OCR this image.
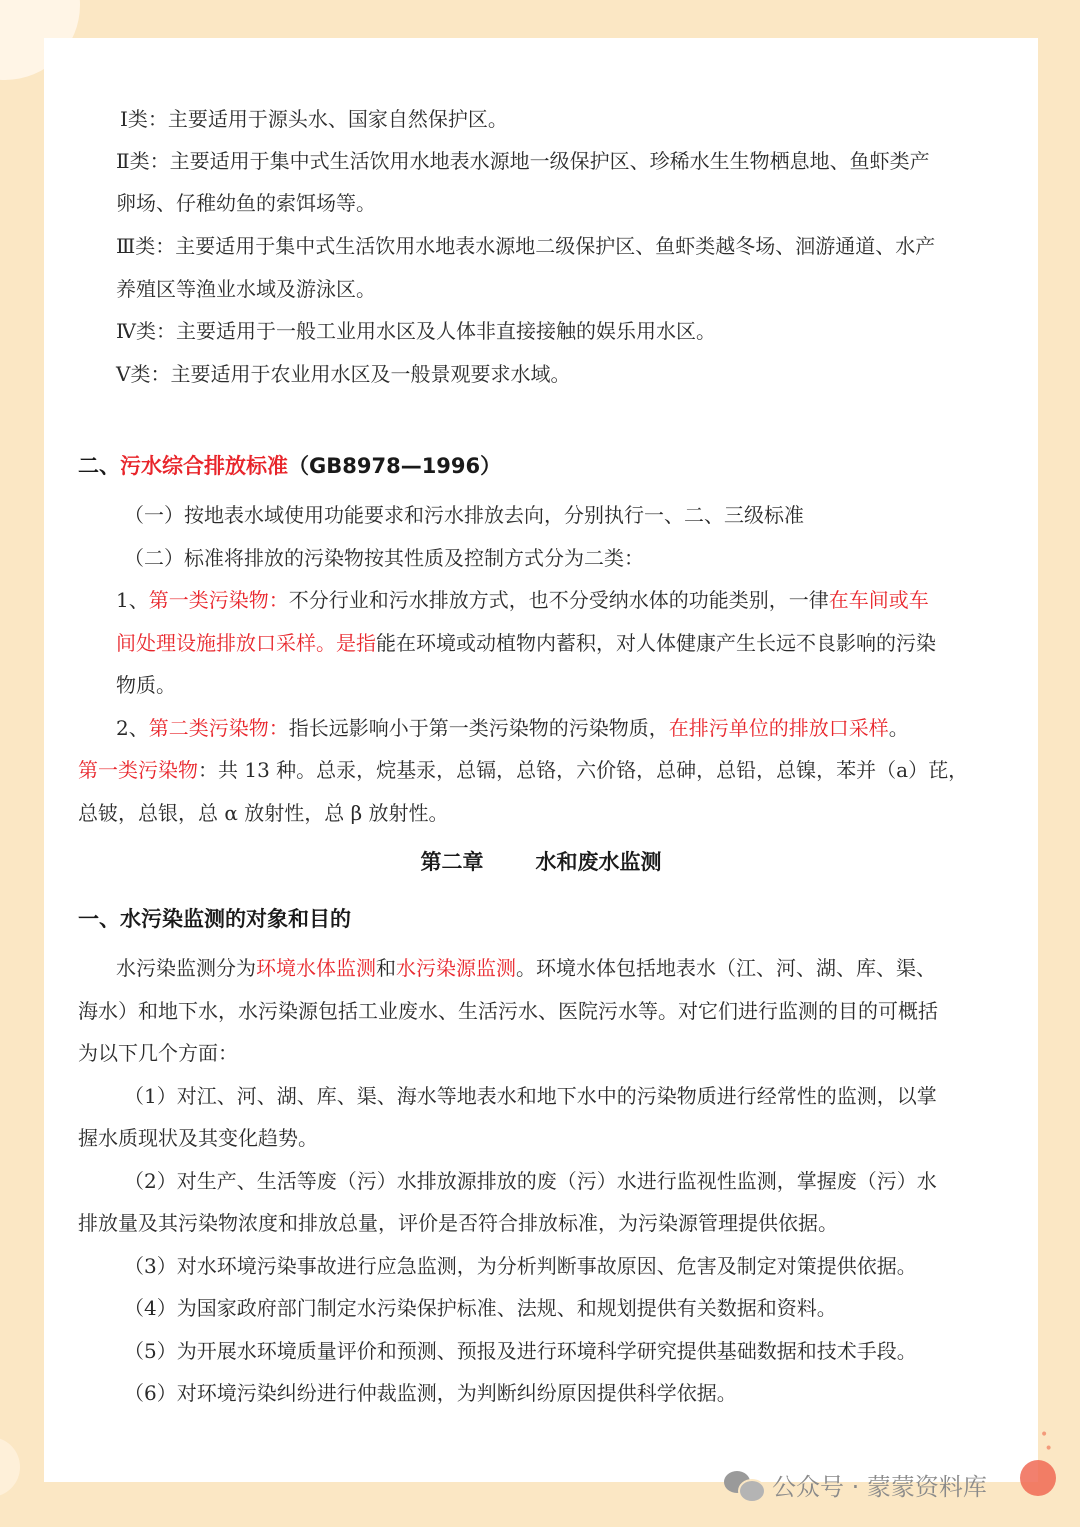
Ⅰ类：主要适用于源头水、国家自然保护区。

Ⅱ类：主要适用于集中式生活饮用水地表水源地一级保护区、珍稀水生生物栖息地、鱼虾类产

卵场、仔稚幼鱼的索饵场等。

Ⅲ类：主要适用于集中式生活饮用水地表水源地二级保护区、鱼虾类越冬场、洄游通道、水产

养殖区等渔业水域及游泳区。

Ⅳ类：主要适用于一般工业用水区及人体非直接接触的娱乐用水区。

Ⅴ类：主要适用于农业用水区及一般景观要求水域。

二、污水综合排放标准（GB8978—1996）

（一）按地表水域使用功能要求和污水排放去向，分别执行一、二、三级标准

（二）标准将排放的污染物按其性质及控制方式分为二类：

1、第一类污染物：不分行业和污水排放方式，也不分受纳水体的功能类别，一律在车间或车

间处理设施排放口采样。是指能在环境或动植物内蓄积，对人体健康产生长远不良影响的污染

物质。

2、第二类污染物：指长远影响小于第一类污染物的污染物质，在排污单位的排放口采样。

第一类污染物：共 13 种。总汞，烷基汞，总镉，总铬，六价铬，总砷，总铅，总镍，苯并（a）芘，

总铍，总银，总 α 放射性，总 β 放射性。

第二章 水和废水监测

一、水污染监测的对象和目的

水污染监测分为环境水体监测和水污染源监测。环境水体包括地表水（江、河、湖、库、渠、

海水）和地下水，水污染源包括工业废水、生活污水、医院污水等。对它们进行监测的目的可概括

为以下几个方面：

（1）对江、河、湖、库、渠、海水等地表水和地下水中的污染物质进行经常性的监测，以掌

握水质现状及其变化趋势。

（2）对生产、生活等废（污）水排放源排放的废（污）水进行监视性监测，掌握废（污）水

排放量及其污染物浓度和排放总量，评价是否符合排放标准，为污染源管理提供依据。

（3）对水环境污染事故进行应急监测，为分析判断事故原因、危害及制定对策提供依据。

（4）为国家政府部门制定水污染保护标准、法规、和规划提供有关数据和资料。

（5）为开展水环境质量评价和预测、预报及进行环境科学研究提供基础数据和技术手段。

（6）对环境污染纠纷进行仲裁监测，为判断纠纷原因提供科学依据。

•
•
公众号 · 蒙蒙资料库
